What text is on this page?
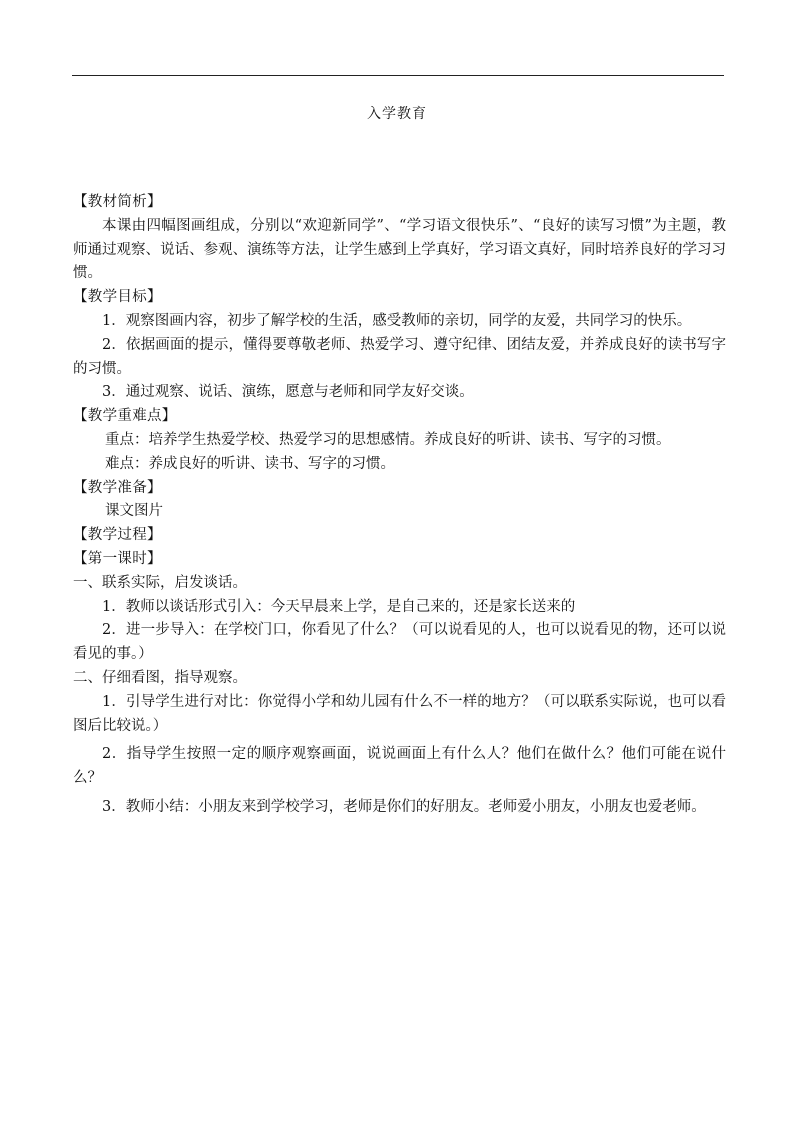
入学教育

【教材简析】

本课由四幅图画组成，分别以“欢迎新同学”、“学习语文很快乐”、“良好的读写习惯”为主题，教师通过观察、说话、参观、演练等方法，让学生感到上学真好，学习语文真好，同时培养良好的学习习惯。

【教学目标】

1．观察图画内容，初步了解学校的生活，感受教师的亲切，同学的友爱，共同学习的快乐。

2．依据画面的提示，懂得要尊敬老师、热爱学习、遵守纪律、团结友爱，并养成良好的读书写字的习惯。

3．通过观察、说话、演练，愿意与老师和同学友好交谈。

【教学重难点】

重点：培养学生热爱学校、热爱学习的思想感情。养成良好的听讲、读书、写字的习惯。

难点：养成良好的听讲、读书、写字的习惯。

【教学准备】

课文图片

【教学过程】

【第一课时】

一、联系实际，启发谈话。

1．教师以谈话形式引入：今天早晨来上学，是自己来的，还是家长送来的

2．进一步导入：在学校门口，你看见了什么？（可以说看见的人，也可以说看见的物，还可以说看见的事。）

二、仔细看图，指导观察。

1．引导学生进行对比：你觉得小学和幼儿园有什么不一样的地方？（可以联系实际说，也可以看图后比较说。）

2．指导学生按照一定的顺序观察画面，说说画面上有什么人？他们在做什么？他们可能在说什么？

3．教师小结：小朋友来到学校学习，老师是你们的好朋友。老师爱小朋友，小朋友也爱老师。
